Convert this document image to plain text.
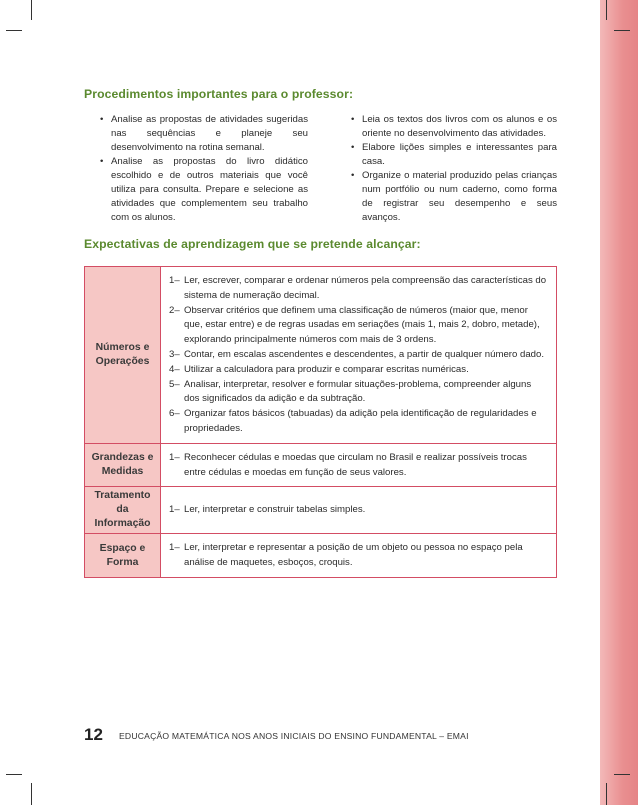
Procedimentos importantes para o professor:
• Analise as propostas de atividades sugeridas nas sequências e planeje seu desenvolvimento na rotina semanal.
• Analise as propostas do livro didático escolhido e de outros materiais que você utiliza para consulta. Prepare e selecione as atividades que complementem seu trabalho com os alunos.
• Leia os textos dos livros com os alunos e os oriente no desenvolvimento das atividades.
• Elabore lições simples e interessantes para casa.
• Organize o material produzido pelas crianças num portfólio ou num caderno, como forma de registrar seu desempenho e seus avanços.
Expectativas de aprendizagem que se pretende alcançar:
Números e Operações
1– Ler, escrever, comparar e ordenar números pela compreensão das características do sistema de numeração decimal.
2– Observar critérios que definem uma classificação de números (maior que, menor que, estar entre) e de regras usadas em seriações (mais 1, mais 2, dobro, metade), explorando principalmente números com mais de 3 ordens.
3– Contar, em escalas ascendentes e descendentes, a partir de qualquer número dado.
4– Utilizar a calculadora para produzir e comparar escritas numéricas.
5– Analisar, interpretar, resolver e formular situações-problema, compreender alguns dos significados da adição e da subtração.
6– Organizar fatos básicos (tabuadas) da adição pela identificação de regularidades e propriedades.
Grandezas e Medidas
1– Reconhecer cédulas e moedas que circulam no Brasil e realizar possíveis trocas entre cédulas e moedas em função de seus valores.
Tratamento da Informação
1– Ler, interpretar e construir tabelas simples.
Espaço e Forma
1– Ler, interpretar e representar a posição de um objeto ou pessoa no espaço pela análise de maquetes, esboços, croquis.
12 EDUCAÇÃO MATEMÁTICA NOS ANOS INICIAIS DO ENSINO FUNDAMENTAL – EMAI
